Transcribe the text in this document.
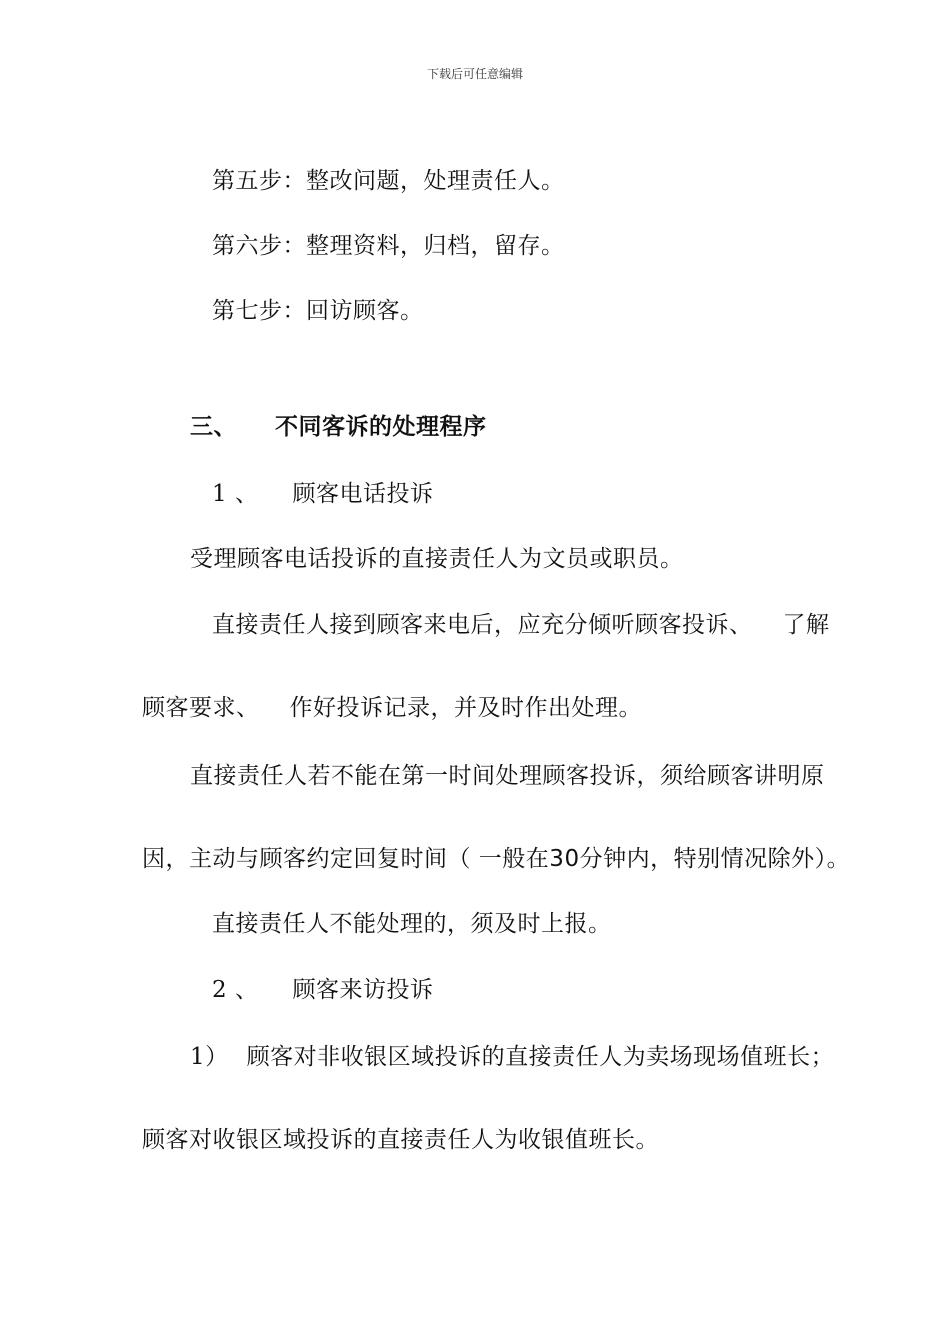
下载后可任意编辑
第五步：整改问题，处理责任人。
第六步：整理资料，归档，留存。
第七步：回访顾客。
三、 不同客诉的处理程序
1 、 顾客电话投诉
受理顾客电话投诉的直接责任人为文员或职员。
直接责任人接到顾客来电后，应充分倾听顾客投诉、 了解
顾客要求、 作好投诉记录，并及时作出处理。
直接责任人若不能在第一时间处理顾客投诉，须给顾客讲明原
因，主动与顾客约定回复时间（ 一般在30分钟内，特别情况除外）。
直接责任人不能处理的，须及时上报。
2 、 顾客来访投诉
1） 顾客对非收银区域投诉的直接责任人为卖场现场值班长；
顾客对收银区域投诉的直接责任人为收银值班长。
